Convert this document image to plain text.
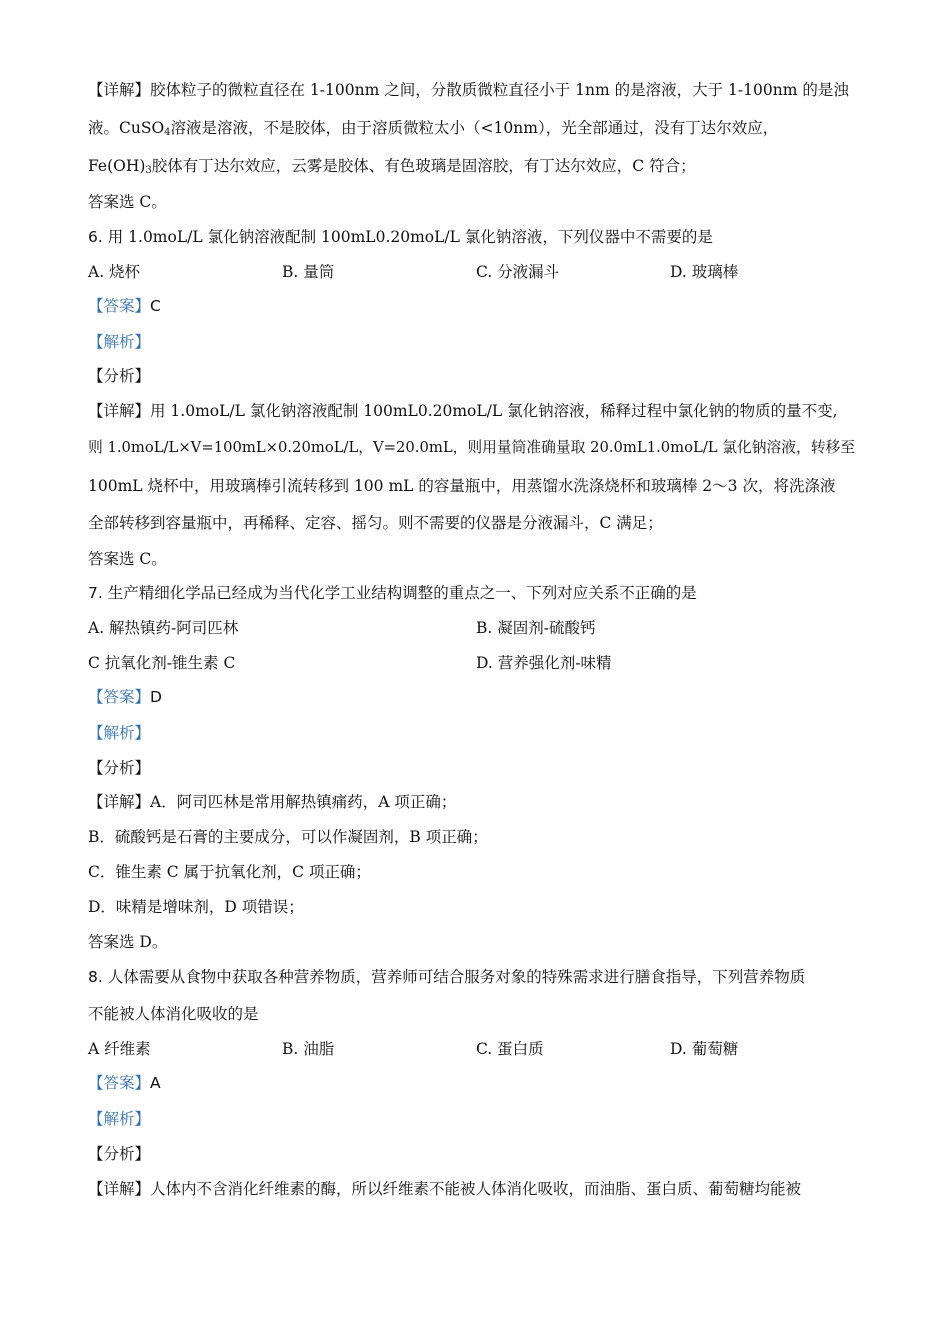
【详解】胶体粒子的微粒直径在 1-100nm 之间，分散质微粒直径小于 1nm 的是溶液，大于 1-100nm 的是浊
液。CuSO$_4$溶液是溶液，不是胶体，由于溶质微粒太小（<10nm），光全部通过，没有丁达尔效应，
$Fe(OH)_3$胶体有丁达尔效应，云雾是胶体、有色玻璃是固溶胶，有丁达尔效应，C 符合；
答案选 C。
6. 用 1.0moL/L 氯化钠溶液配制 100mL0.20moL/L 氯化钠溶液，下列仪器中不需要的是
A. 烧杯	B. 量筒	C. 分液漏斗	D. 玻璃棒
【答案】C
【解析】
【分析】
【详解】用 1.0moL/L 氯化钠溶液配制 100mL0.20moL/L 氯化钠溶液，稀释过程中氯化钠的物质的量不变,
则 1.0moL/L×V=100mL×0.20moL/L，V=20.0mL，则用量筒准确量取 20.0mL1.0moL/L 氯化钠溶液，转移至
100mL 烧杯中，用玻璃棒引流转移到 100 mL 的容量瓶中，用蒸馏水洗涤烧杯和玻璃棒 2～3 次，将洗涤液
全部转移到容量瓶中，再稀释、定容、摇匀。则不需要的仪器是分液漏斗，C 满足；
答案选 C。
7. 生产精细化学品已经成为当代化学工业结构调整的重点之一、下列对应关系不正确的是
A. 解热镇药-阿司匹林	B. 凝固剂-硫酸钙
C 抗氧化剂-锥生素 C	D. 营养强化剂-味精
【答案】D
【解析】
【分析】
【详解】A．阿司匹林是常用解热镇痛药，A 项正确；
B．硫酸钙是石膏的主要成分，可以作凝固剂，B 项正确；
C．锥生素 C 属于抗氧化剂，C 项正确；
D．味精是增味剂，D 项错误；
答案选 D。
8. 人体需要从食物中获取各种营养物质，营养师可结合服务对象的特殊需求进行膳食指导，下列营养物质
不能被人体消化吸收的是
A 纤维素	B. 油脂	C. 蛋白质	D. 葡萄糖
【答案】A
【解析】
【分析】
【详解】人体内不含消化纤维素的酶，所以纤维素不能被人体消化吸收，而油脂、蛋白质、葡萄糖均能被
